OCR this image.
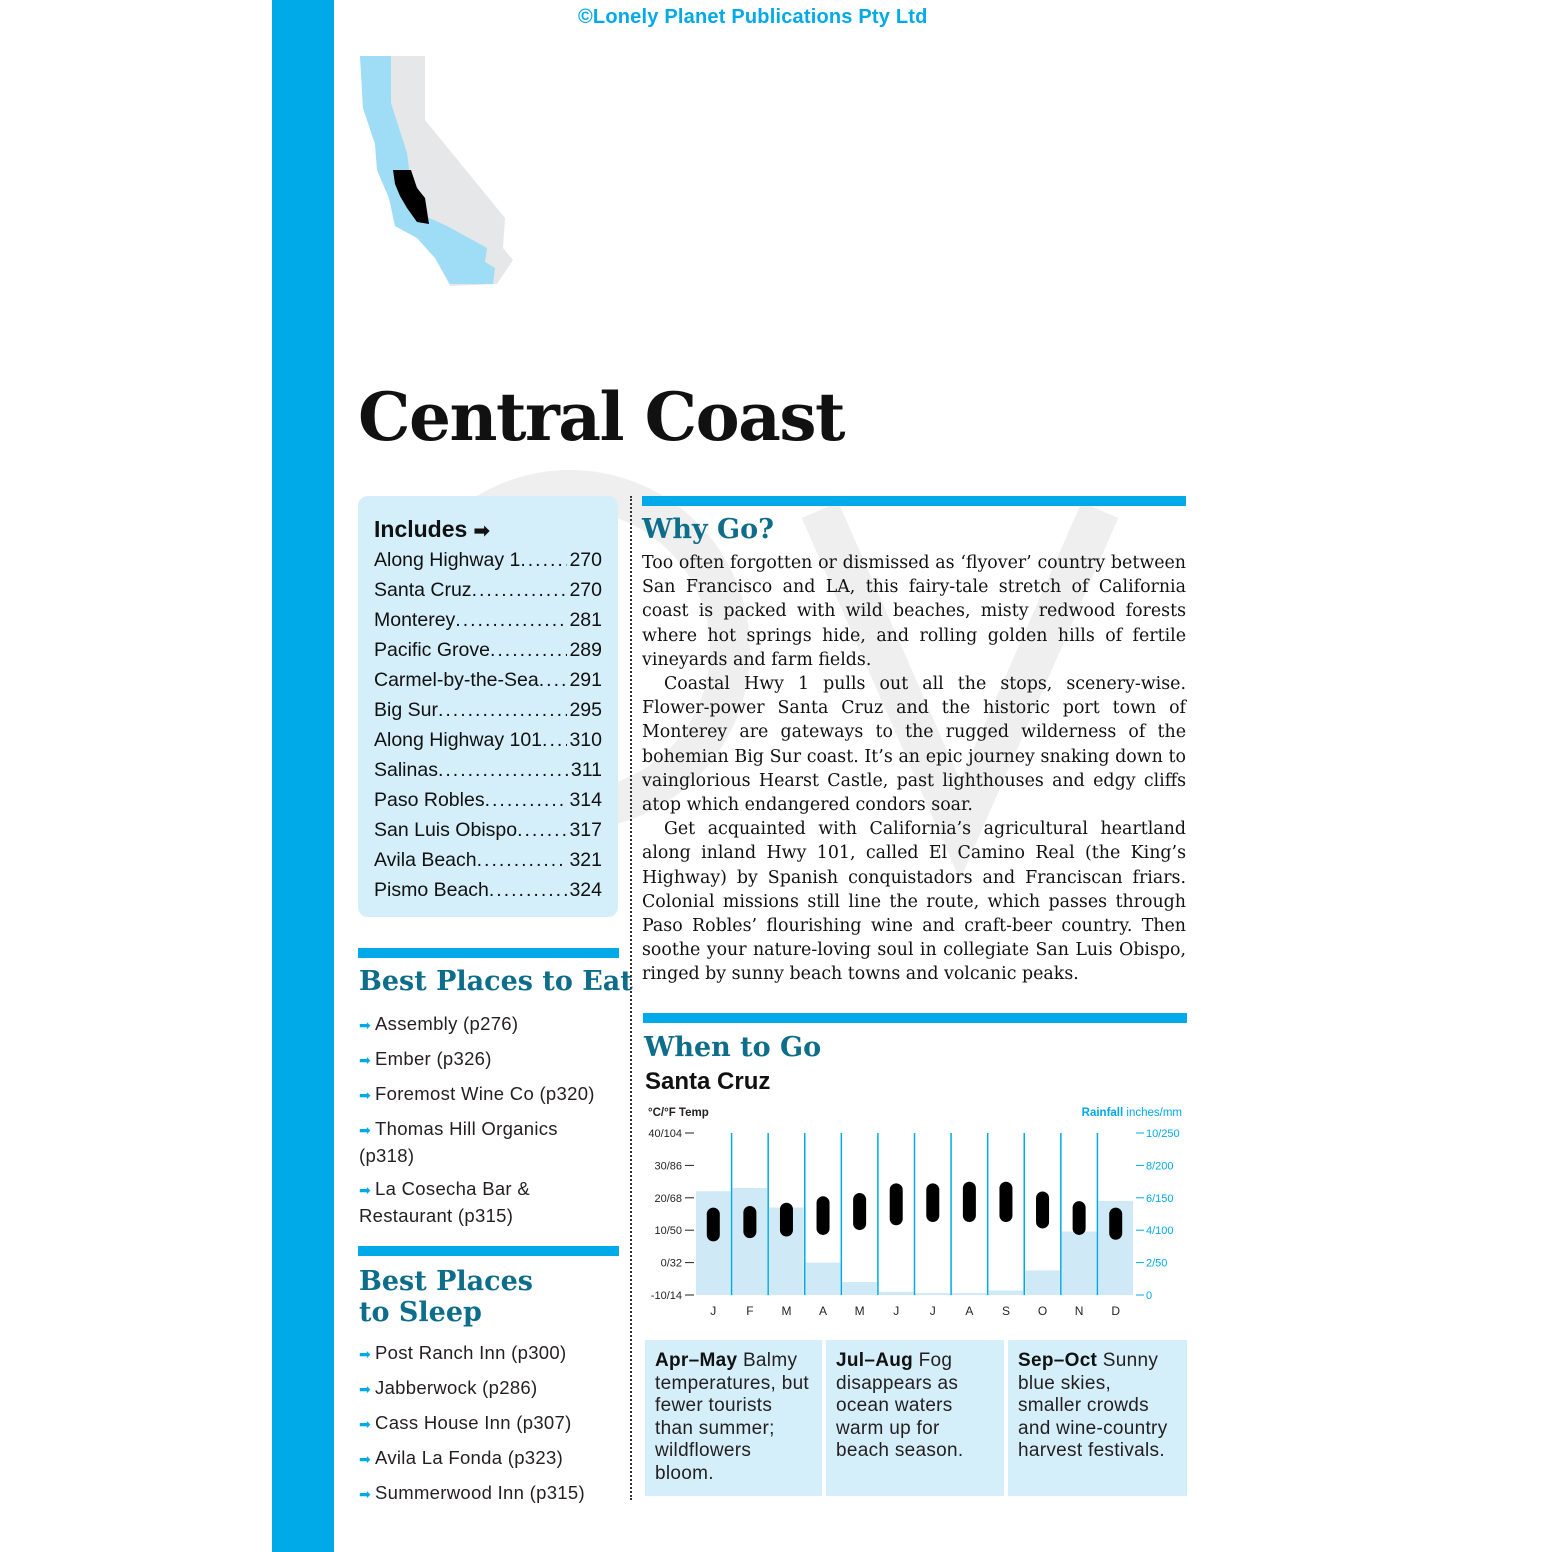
©Lonely Planet Publications Pty Ltd
Central Coast
Includes ➡
Along Highway 1 .....	270
Santa Cruz .....	270
Monterey .....	281
Pacific Grove .....	289
Carmel-by-the-Sea ..... 291
Big Sur .....	295
Along Highway 101 ..... 310
Salinas .....	311
Paso Robles .....	314
San Luis Obispo .....	317
Avila Beach .....	321
Pismo Beach .....	324
Best Places to Eat
➡ Assembly (p276)
➡ Ember (p326)
➡ Foremost Wine Co (p320)
➡ Thomas Hill Organics (p318)
➡ La Cosecha Bar & Restaurant (p315)
Best Places
to Sleep
➡ Post Ranch Inn (p300)
➡ Jabberwock (p286)
➡ Cass House Inn (p307)
➡ Avila La Fonda (p323)
➡ Summerwood Inn (p315)
Why Go?

Too often forgotten or dismissed as ‘flyover’ country between San Francisco and LA, this fairy-tale stretch of California coast is packed with wild beaches, misty redwood forests where hot springs hide, and rolling golden hills of fertile vineyards and farm fields.

Coastal Hwy 1 pulls out all the stops, scenery-wise. Flower-power Santa Cruz and the historic port town of Monterey are gateways to the rugged wilderness of the bohemian Big Sur coast. It’s an epic journey snaking down to vainglorious Hearst Castle, past lighthouses and edgy cliffs atop which endangered condors soar.

Get acquainted with California’s agricultural heartland along inland Hwy 101, called El Camino Real (the King’s Highway) by Spanish conquistadors and Franciscan friars. Colonial missions still line the route, which passes through Paso Robles’ flourishing wine and craft-beer country. Then soothe your nature-loving soul in collegiate San Luis Obispo, ringed by sunny beach towns and volcanic peaks.

When to Go
Santa Cruz
°C/°F Temp	Rainfall inches/mm
40/104
30/86
20/68
10/50
0/32
-10/14
10/250
8/200
6/150
4/100
2/50
0
J F M A M J	J A S O N D
Apr–May Balmy temperatures, but fewer tourists than summer; wildflowers bloom.
Jul–Aug Fog disappears as ocean waters warm up for beach season.
Sep–Oct Sunny blue skies, smaller crowds and wine-country harvest festivals.
